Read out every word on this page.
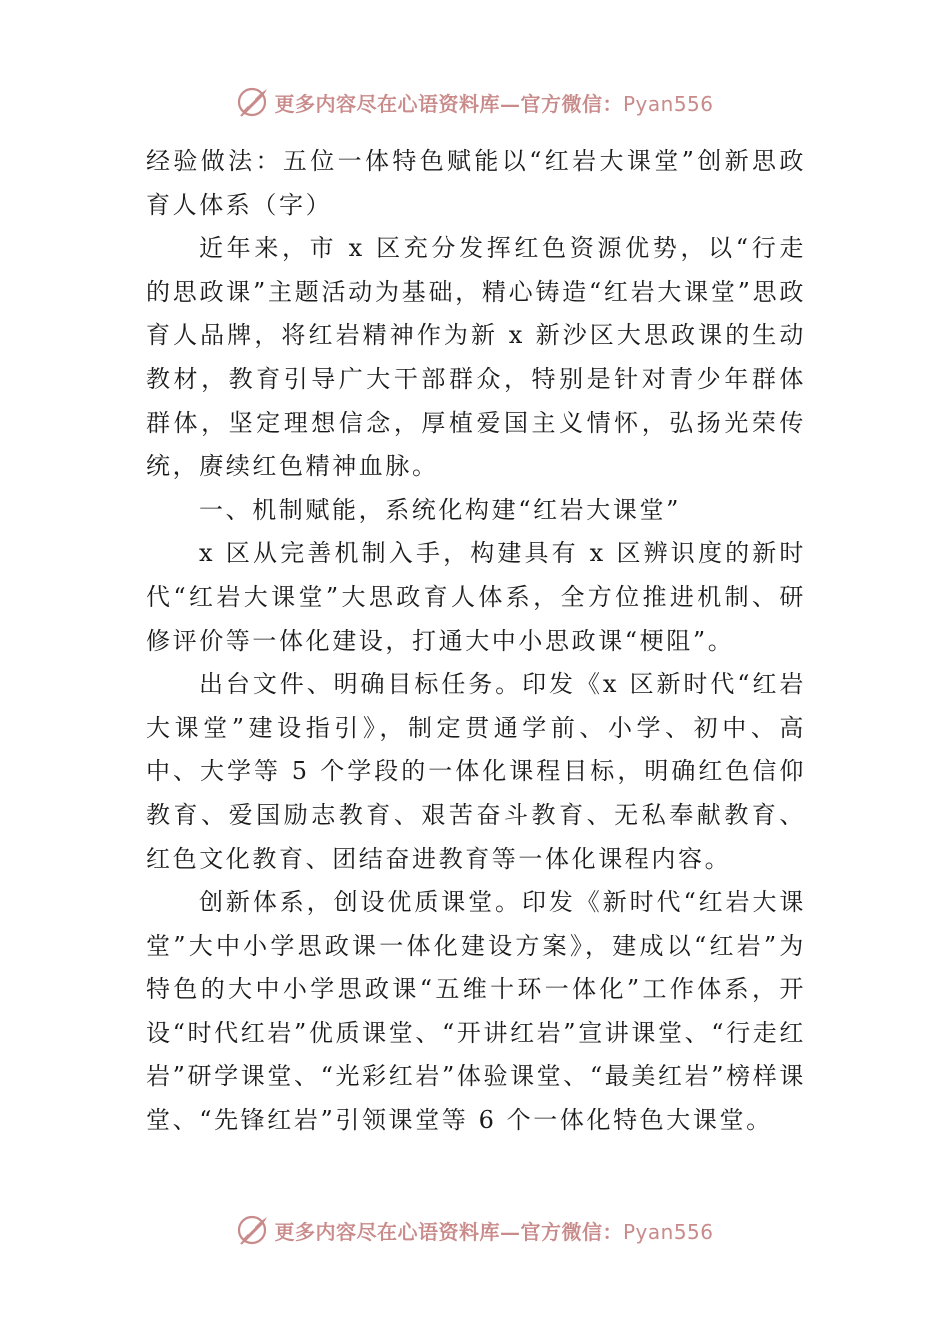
更多内容尽在心语资料库—官方微信：Pyan556

经验做法：五位一体特色赋能以“红岩大课堂”创新思政育人体系（字）

近年来，市 x 区充分发挥红色资源优势，以“行走的思政课”主题活动为基础，精心铸造“红岩大课堂”思政育人品牌，将红岩精神作为新 x 新沙区大思政课的生动教材，教育引导广大干部群众，特别是针对青少年群体群体，坚定理想信念，厚植爱国主义情怀，弘扬光荣传统，赓续红色精神血脉。

一、机制赋能，系统化构建“红岩大课堂”

x 区从完善机制入手，构建具有 x 区辨识度的新时代“红岩大课堂”大思政育人体系，全方位推进机制、研修评价等一体化建设，打通大中小思政课“梗阻”。

出台文件、明确目标任务。印发《x 区新时代“红岩大课堂”建设指引》，制定贯通学前、小学、初中、高中、大学等 5 个学段的一体化课程目标，明确红色信仰教育、爱国励志教育、艰苦奋斗教育、无私奉献教育、红色文化教育、团结奋进教育等一体化课程内容。

创新体系，创设优质课堂。印发《新时代“红岩大课堂”大中小学思政课一体化建设方案》，建成以“红岩”为特色的大中小学思政课“五维十环一体化”工作体系，开设“时代红岩”优质课堂、“开讲红岩”宣讲课堂、“行走红岩”研学课堂、“光彩红岩”体验课堂、“最美红岩”榜样课堂、“先锋红岩”引领课堂等 6 个一体化特色大课堂。

更多内容尽在心语资料库—官方微信：Pyan556
